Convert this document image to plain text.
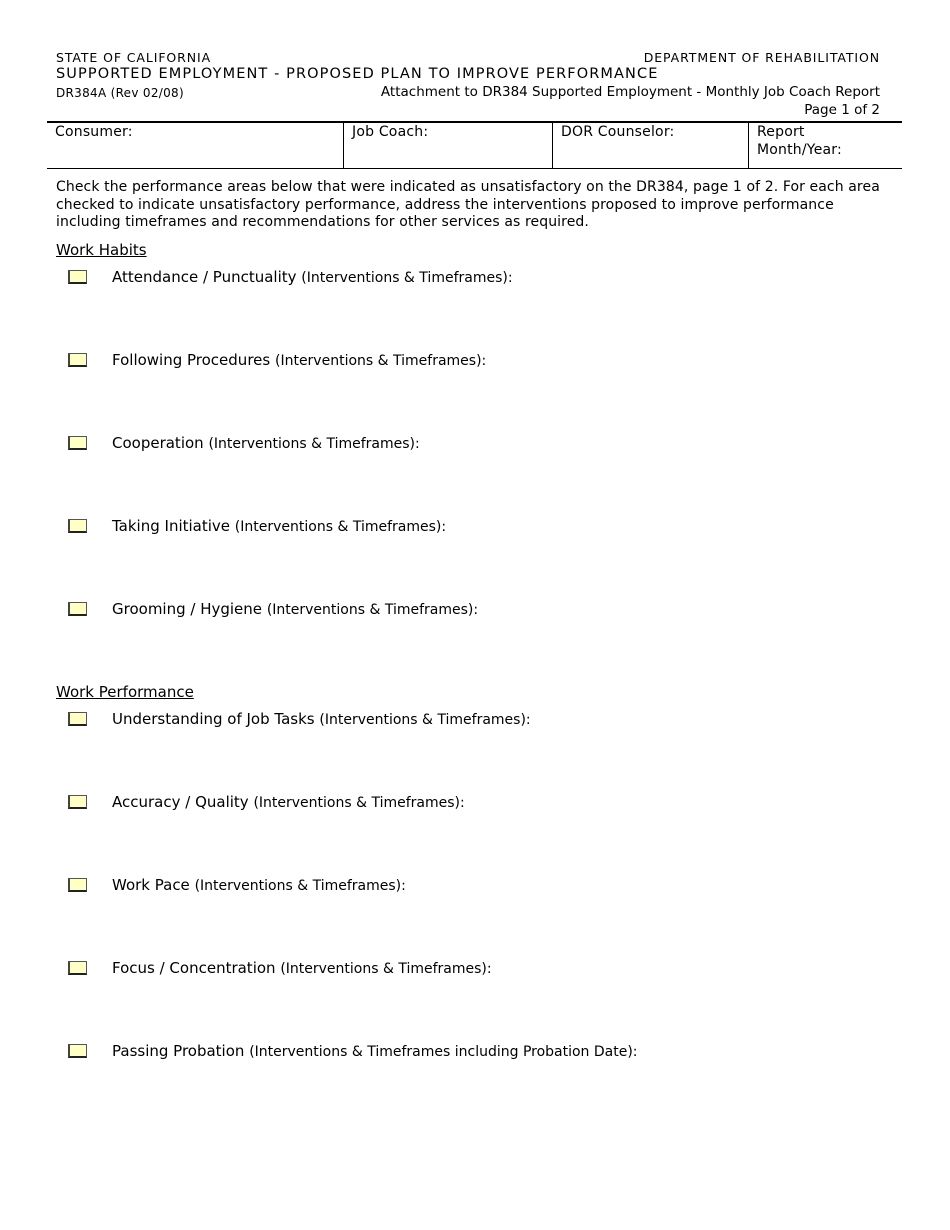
STATE OF CALIFORNIA	DEPARTMENT OF REHABILITATION
SUPPORTED EMPLOYMENT - PROPOSED PLAN TO IMPROVE PERFORMANCE
DR384A (Rev 02/08)	Attachment to DR384 Supported Employment - Monthly Job Coach Report
Page 1 of 2
Consumer:	Job Coach:	DOR Counselor:	Report Month/Year:
Check the performance areas below that were indicated as unsatisfactory on the DR384, page 1 of 2. For each area checked to indicate unsatisfactory performance, address the interventions proposed to improve performance including timeframes and recommendations for other services as required.
Work Habits
Attendance / Punctuality (Interventions & Timeframes):
Following Procedures (Interventions & Timeframes):
Cooperation (Interventions & Timeframes):
Taking Initiative (Interventions & Timeframes):
Grooming / Hygiene (Interventions & Timeframes):
Work Performance
Understanding of Job Tasks (Interventions & Timeframes):
Accuracy / Quality (Interventions & Timeframes):
Work Pace (Interventions & Timeframes):
Focus / Concentration (Interventions & Timeframes):
Passing Probation (Interventions & Timeframes including Probation Date):
